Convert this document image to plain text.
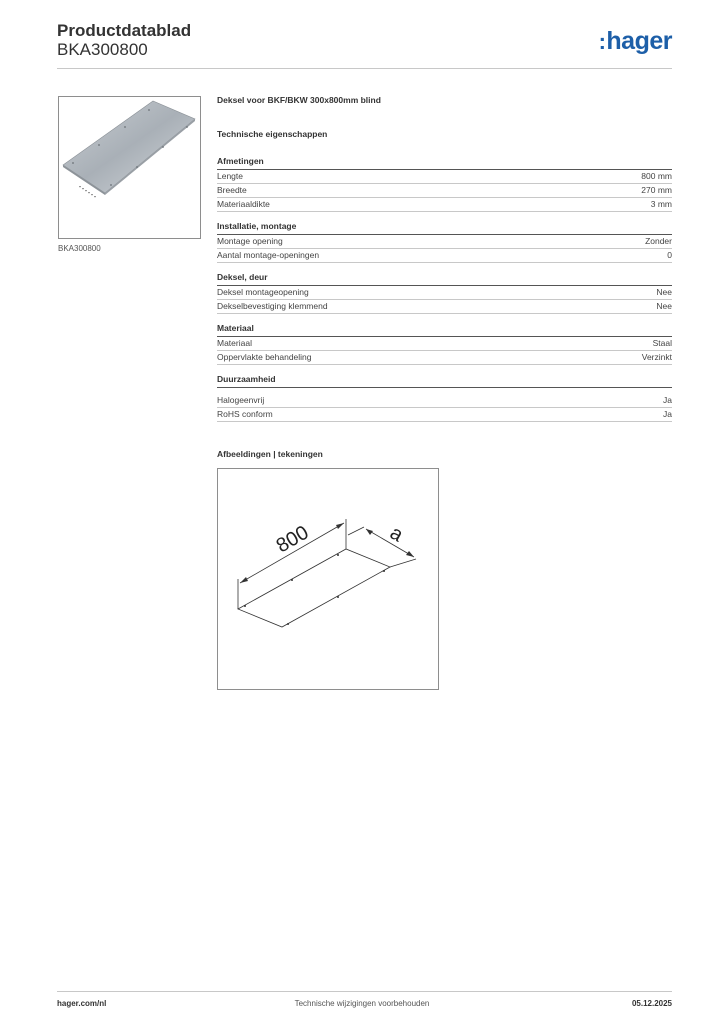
Productdatablad
BKA300800	:hager
BKA300800
Deksel voor BKF/BKW 300x800mm blind
Technische eigenschappen
Afmetingen
Lengte	800 mm
Breedte	270 mm
Materiaaldikte	3 mm
Installatie, montage
Montage opening	Zonder
Aantal montage-openingen	0
Deksel, deur
Deksel montageopening	Nee
Dekselbevestiging klemmend	Nee
Materiaal
Materiaal	Staal
Oppervlakte behandeling	Verzinkt
Duurzaamheid
Halogeenvrij	Ja
RoHS conform	Ja
Afbeeldingen | tekeningen
800	a
hager.com/nl	Technische wijzigingen voorbehouden	05.12.2025
